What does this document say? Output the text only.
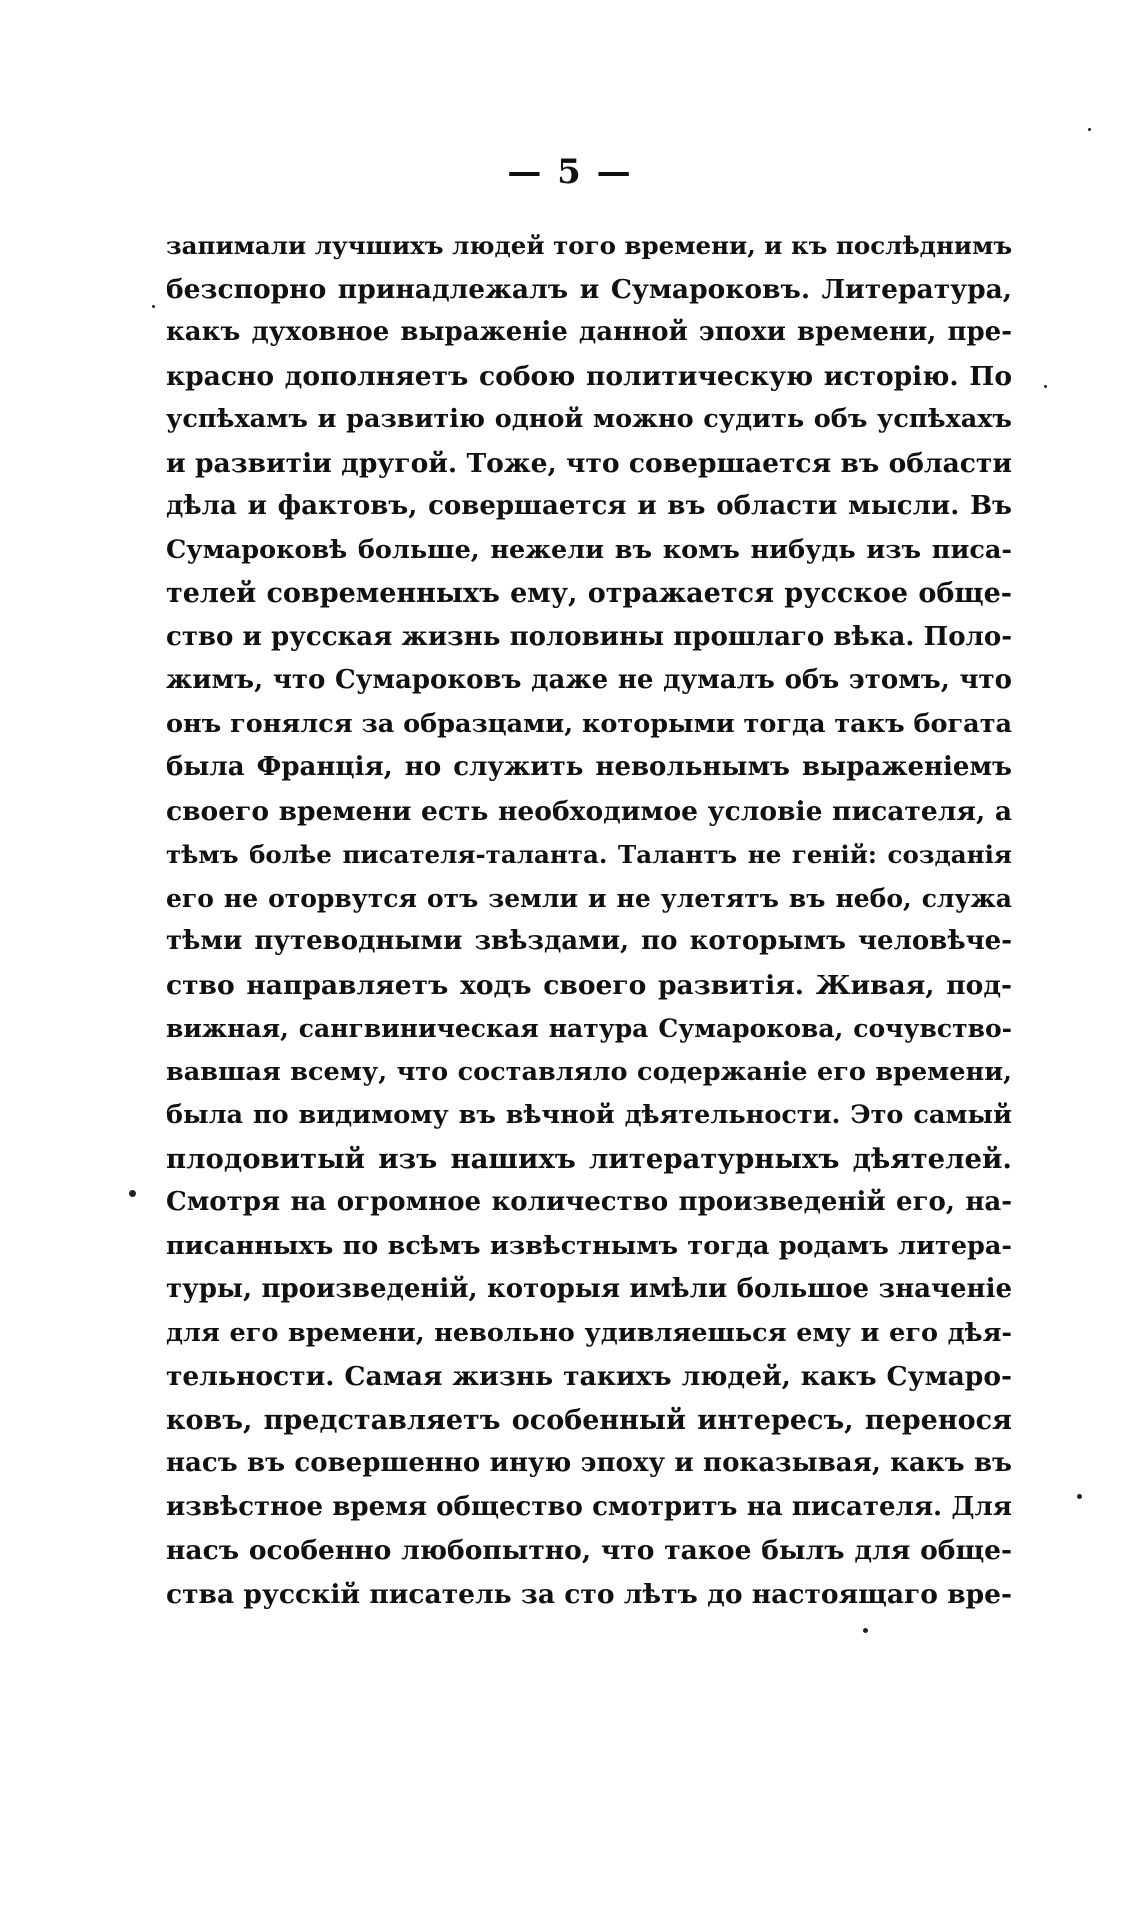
— 5 —
запимали лучшихъ людей того времени, и къ послѣднимъ
безспорно принадлежалъ и Сумароковъ. Литература,
какъ духовное выраженіе данной эпохи времени, пре-
красно дополняетъ собою политическую исторію. По
успѣхамъ и развитію одной можно судить объ успѣхахъ
и развитіи другой. Тоже, что совершается въ области
дѣла и фактовъ, совершается и въ области мысли. Въ
Сумароковѣ больше, нежели въ комъ нибудь изъ писа-
телей современныхъ ему, отражается русское обще-
ство и русская жизнь половины прошлаго вѣка. Поло-
жимъ, что Сумароковъ даже не думалъ объ этомъ, что
онъ гонялся за образцами, которыми тогда такъ богата
была Франція, но служить невольнымъ выраженіемъ
своего времени есть необходимое условіе писателя, а
тѣмъ болѣе писателя-таланта. Талантъ не геній: созданія
его не оторвутся отъ земли и не улетятъ въ небо, служа
тѣми путеводными звѣздами, по которымъ человѣче-
ство направляетъ ходъ своего развитія. Живая, под-
вижная, сангвиническая натура Сумарокова, сочувство-
вавшая всему, что составляло содержаніе его времени,
была по видимому въ вѣчной дѣятельности. Это самый
плодовитый изъ нашихъ литературныхъ дѣятелей.
Смотря на огромное количество произведеній его, на-
писанныхъ по всѣмъ извѣстнымъ тогда родамъ литера-
туры, произведеній, которыя имѣли большое значеніе
для его времени, невольно удивляешься ему и его дѣя-
тельности. Самая жизнь такихъ людей, какъ Сумаро-
ковъ, представляетъ особенный интересъ, перенося
насъ въ совершенно иную эпоху и показывая, какъ въ
извѣстное время общество смотритъ на писателя. Для
насъ особенно любопытно, что такое былъ для обще-
ства русскій писатель за сто лѣтъ до настоящаго вре-
